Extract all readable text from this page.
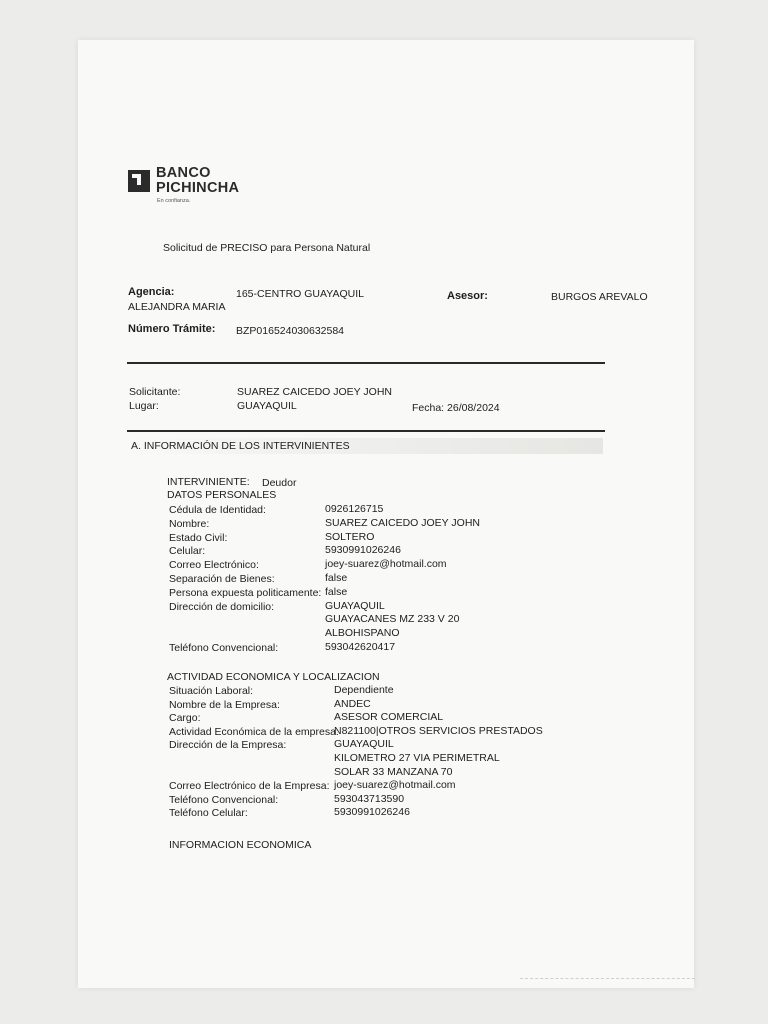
BANCO
PICHINCHA
En confianza.
Solicitud de PRECISO para Persona Natural
Agencia:	165-CENTRO GUAYAQUIL	Asesor:	BURGOS AREVALO
ALEJANDRA MARIA
Número Trámite: BZP016524030632584
Solicitante:	SUAREZ CAICEDO JOEY JOHN
Lugar:	GUAYAQUIL	Fecha: 26/08/2024
A. INFORMACIÓN DE LOS INTERVINIENTES
INTERVINIENTE: Deudor
DATOS PERSONALES
Cédula de Identidad:	0926126715
Nombre:	SUAREZ CAICEDO JOEY JOHN
Estado Civil:	SOLTERO
Celular:	5930991026246
Correo Electrónico:	joey-suarez@hotmail.com
Separación de Bienes:	false
Persona expuesta politicamente: false
Dirección de domicilio:	GUAYAQUIL
GUAYACANES MZ 233 V 20
ALBOHISPANO
Teléfono Convencional:	593042620417
ACTIVIDAD ECONOMICA Y LOCALIZACION
Situación Laboral:	Dependiente
Nombre de la Empresa:	ANDEC
Cargo:	ASESOR COMERCIAL
Actividad Económica de la empresa:
N821100|OTROS SERVICIOS PRESTADOS
Dirección de la Empresa:	GUAYAQUIL
KILOMETRO 27 VIA PERIMETRAL
SOLAR 33 MANZANA 70
Correo Electrónico de la Empresa: joey-suarez@hotmail.com
Teléfono Convencional:	593043713590
Teléfono Celular:	5930991026246
INFORMACION ECONOMICA
